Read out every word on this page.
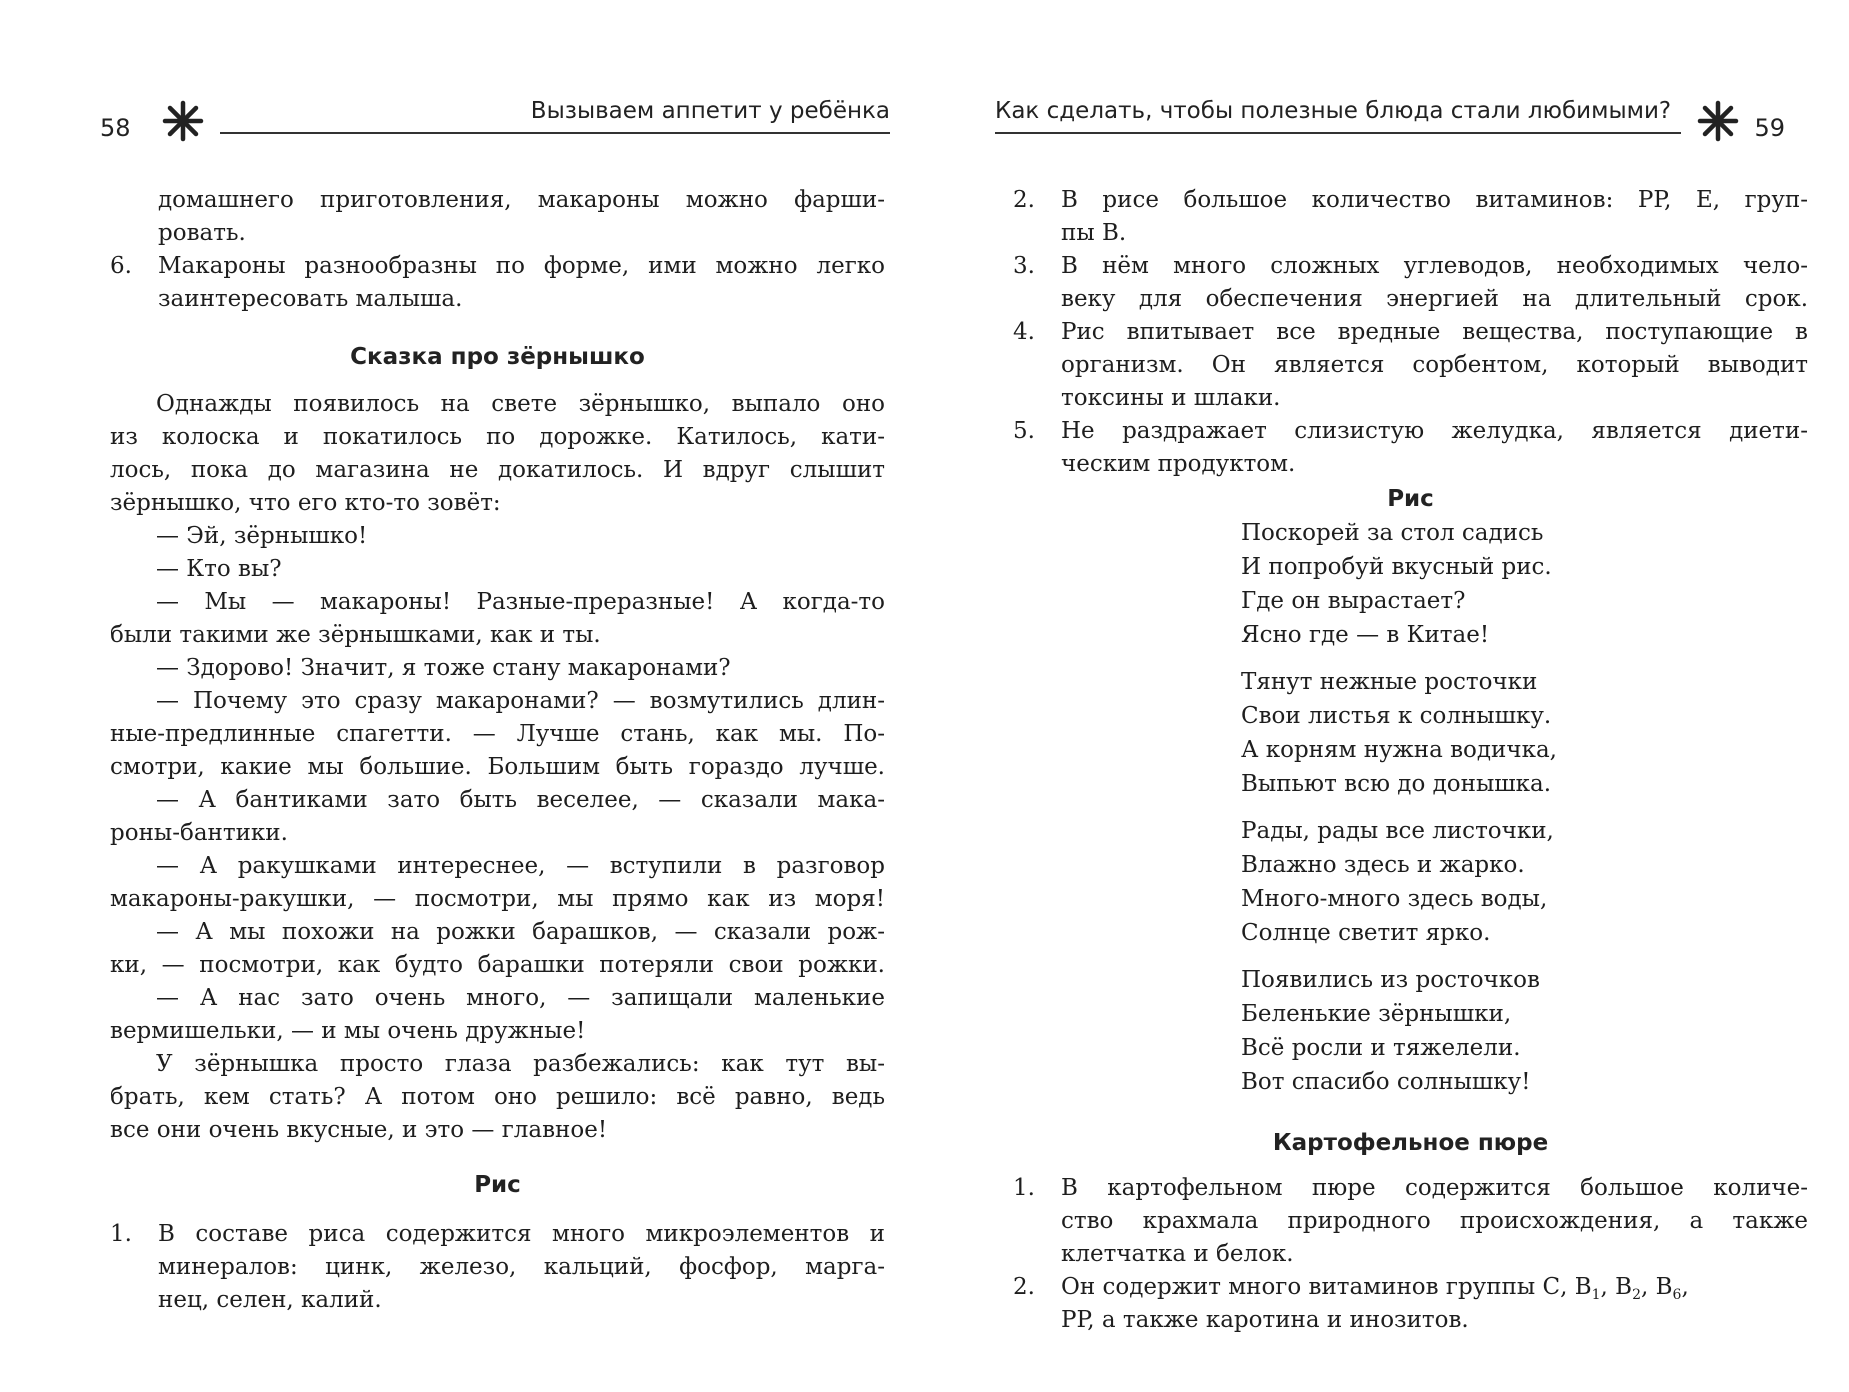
58
Вызываем аппетит у ребёнка
домашнего приготовления, макароны можно фарши-
ровать.
6. Макароны разнообразны по форме, ими можно легко
заинтересовать малыша.
Сказка про зёрнышко
Однажды появилось на свете зёрнышко, выпало оно
из колоска и покатилось по дорожке. Катилось, кати-
лось, пока до магазина не докатилось. И вдруг слышит
зёрнышко, что его кто-то зовёт:
— Эй, зёрнышко!
— Кто вы?
— Мы — макароны! Разные-преразные! А когда-то
были такими же зёрнышками, как и ты.
— Здорово! Значит, я тоже стану макаронами?
— Почему это сразу макаронами? — возмутились длин-
ные-предлинные спагетти. — Лучше стань, как мы. По-
смотри, какие мы большие. Большим быть гораздо лучше.
— А бантиками зато быть веселее, — сказали мака-
роны-бантики.
— А ракушками интереснее, — вступили в разговор
макароны-ракушки, — посмотри, мы прямо как из моря!
— А мы похожи на рожки барашков, — сказали рож-
ки, — посмотри, как будто барашки потеряли свои рожки.
— А нас зато очень много, — запищали маленькие
вермишельки, — и мы очень дружные!
У зёрнышка просто глаза разбежались: как тут вы-
брать, кем стать? А потом оно решило: всё равно, ведь
все они очень вкусные, и это — главное!
Рис
1. В составе риса содержится много микроэлементов и
минералов: цинк, железо, кальций, фосфор, марга-
нец, селен, калий.
Как сделать, чтобы полезные блюда стали любимыми?
59
2. В рисе большое количество витаминов: PP, E, груп-
пы В.
3. В нём много сложных углеводов, необходимых чело-
веку для обеспечения энергией на длительный срок.
4. Рис впитывает все вредные вещества, поступающие в
организм. Он является сорбентом, который выводит
токсины и шлаки.
5. Не раздражает слизистую желудка, является диети-
ческим продуктом.
Рис
Поскорей за стол садись
И попробуй вкусный рис.
Где он вырастает?
Ясно где — в Китае!
Тянут нежные росточки
Свои листья к солнышку.
А корням нужна водичка,
Выпьют всю до донышка.
Рады, рады все листочки,
Влажно здесь и жарко.
Много-много здесь воды,
Солнце светит ярко.
Появились из росточков
Беленькие зёрнышки,
Всё росли и тяжелели.
Вот спасибо солнышку!
Картофельное пюре
1. В картофельном пюре содержится большое количе-
ство крахмала природного происхождения, а также
клетчатка и белок.
2. Он содержит много витаминов группы С, $В_1$, $В_2$, $В_6$,
PP, а также каротина и инозитов.
